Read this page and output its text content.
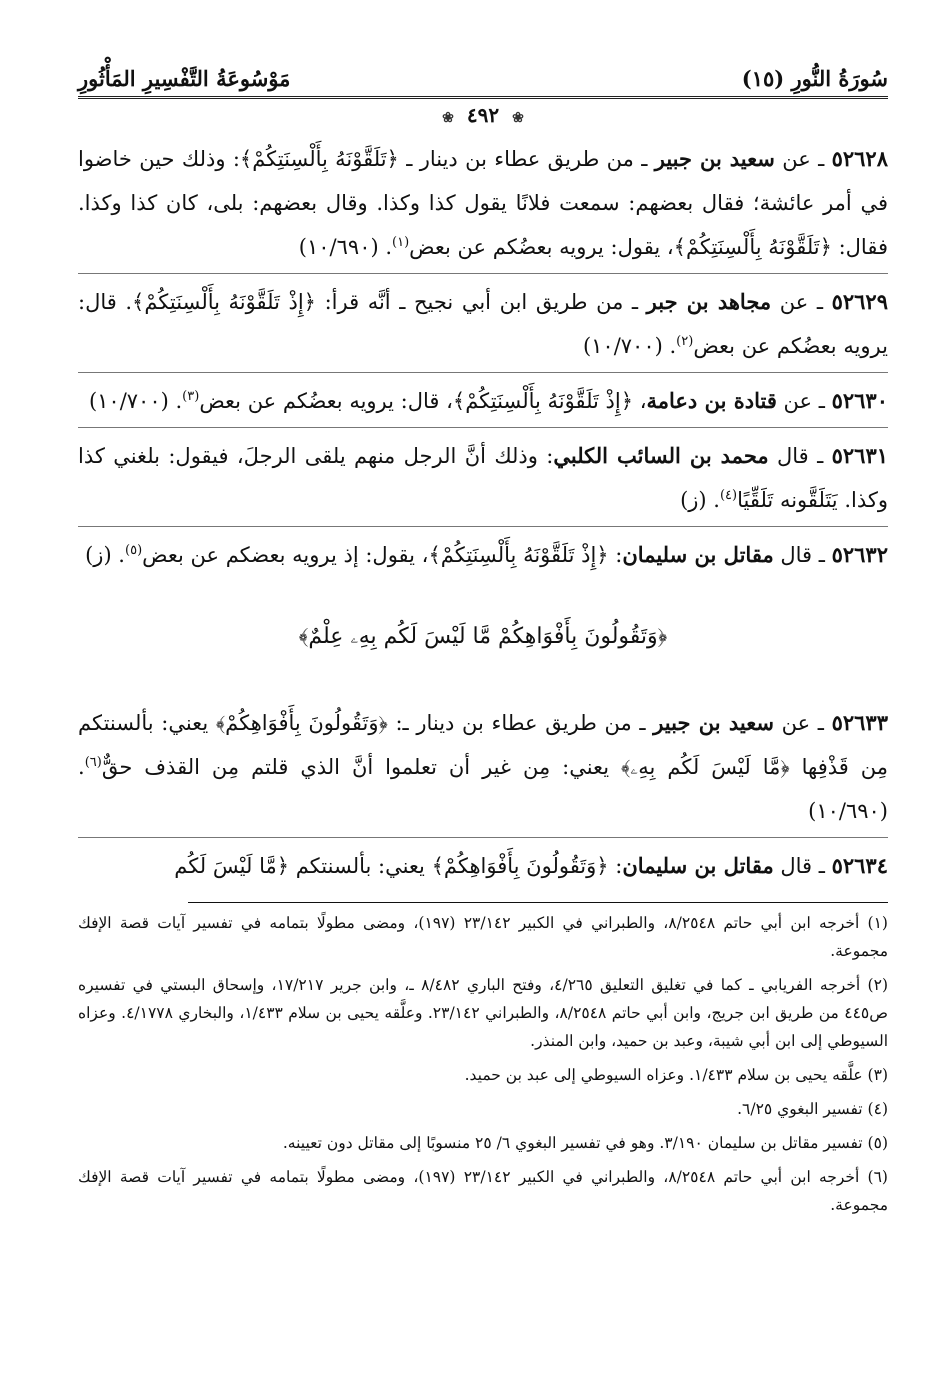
سُورَةُ النُّورِ (١٥)
مَوْسُوعَةُ التَّفْسِيرِ المَأْثُورِ
❀ ٤٩٢ ❀

٥٢٦٢٨ ـ عن سعيد بن جبير ـ من طريق عطاء بن دينار ـ ﴿تَلَقَّوْنَهُ بِأَلْسِنَتِكُمْ﴾: وذلك حين خاضوا في أمر عائشة؛ فقال بعضهم: سمعت فلانًا يقول كذا وكذا. وقال بعضهم: بلى، كان كذا وكذا. فقال: ﴿تَلَقَّوْنَهُ بِأَلْسِنَتِكُمْ﴾، يقول: يرويه بعضُكم عن بعض$^{(١)}$. (١٠/٦٩٠)

٥٢٦٢٩ ـ عن مجاهد بن جبر ـ من طريق ابن أبي نجيح ـ أنَّه قرأ: ﴿إِذْ تَلَقَّوْنَهُ بِأَلْسِنَتِكُمْ﴾. قال: يرويه بعضُكم عن بعض$^{(٢)}$. (١٠/٧٠٠)

٥٢٦٣٠ ـ عن قتادة بن دعامة، ﴿إِذْ تَلَقَّوْنَهُ بِأَلْسِنَتِكُمْ﴾، قال: يرويه بعضُكم عن بعض$^{(٣)}$. (١٠/٧٠٠)

٥٢٦٣١ ـ قال محمد بن السائب الكلبي: وذلك أنَّ الرجل منهم يلقى الرجلَ، فيقول: بلغني كذا وكذا. يَتَلَقَّونه تَلَقِّيًا$^{(٤)}$. (ز)

٥٢٦٣٢ ـ قال مقاتل بن سليمان: ﴿إِذْ تَلَقَّوْنَهُ بِأَلْسِنَتِكُمْ﴾، يقول: إذ يرويه بعضكم عن بعض$^{(٥)}$. (ز)

﴿وَتَقُولُونَ بِأَفْوَاهِكُمْ مَّا لَيْسَ لَكُم بِهِۦ عِلْمٌ﴾

٥٢٦٣٣ ـ عن سعيد بن جبير ـ من طريق عطاء بن دينار ـ: ﴿وَتَقُولُونَ بِأَفْوَاهِكُمْ﴾ يعني: بألسنتكم مِن قَذْفِها ﴿مَّا لَيْسَ لَكُم بِهِۦ﴾ يعني: مِن غير أن تعلموا أنَّ الذي قلتم مِن القذف حقٌّ$^{(٦)}$. (١٠/٦٩٠)

٥٢٦٣٤ ـ قال مقاتل بن سليمان: ﴿وَتَقُولُونَ بِأَفْوَاهِكُمْ﴾ يعني: بألسنتكم ﴿مَّا لَيْسَ لَكُم

(١) أخرجه ابن أبي حاتم ٨/٢٥٤٨، والطبراني في الكبير ٢٣/١٤٢ (١٩٧)، ومضى مطولًا بتمامه في تفسير آيات قصة الإفك مجموعة.

(٢) أخرجه الفريابي ـ كما في تغليق التعليق ٤/٢٦٥، وفتح الباري ٨/٤٨٢ ـ، وابن جرير ١٧/٢١٧، وإسحاق البستي في تفسيره ص٤٤٥ من طريق ابن جريج، وابن أبي حاتم ٨/٢٥٤٨، والطبراني ٢٣/١٤٢. وعلَّقه يحيى بن سلام ١/٤٣٣، والبخاري ٤/١٧٧٨. وعزاه السيوطي إلى ابن أبي شيبة، وعبد بن حميد، وابن المنذر.

(٣) علَّقه يحيى بن سلام ١/٤٣٣. وعزاه السيوطي إلى عبد بن حميد.

(٤) تفسير البغوي ٦/٢٥.

(٥) تفسير مقاتل بن سليمان ٣/١٩٠. وهو في تفسير البغوي ٦/ ٢٥ منسوبًا إلى مقاتل دون تعيينه.

(٦) أخرجه ابن أبي حاتم ٨/٢٥٤٨، والطبراني في الكبير ٢٣/١٤٢ (١٩٧)، ومضى مطولًا بتمامه في تفسير آيات قصة الإفك مجموعة.
